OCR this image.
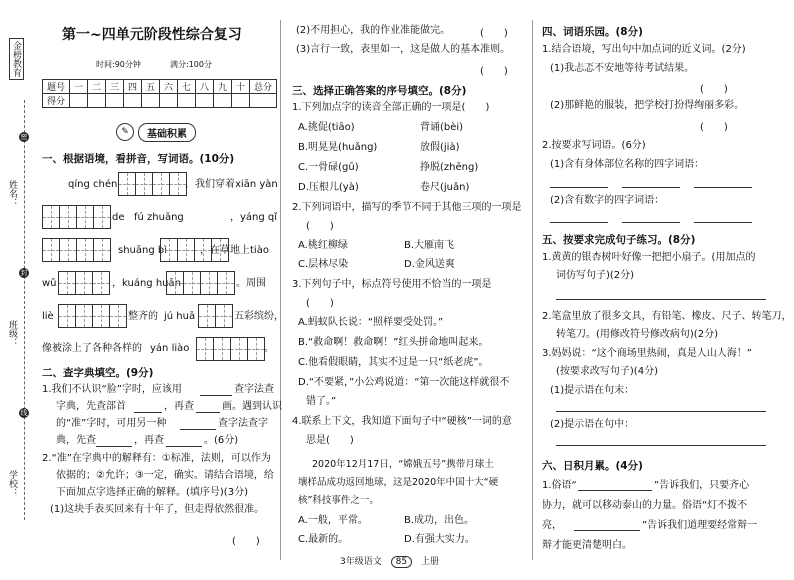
金榜教育
密
封
线
姓名：
班级：
学校：
第一~四单元阶段性综合复习
时间:90分钟	满分:100分
题号	一	二	三	四	五	六	七	八	九	十	总分
得分											
✎	基础积累
一、根据语境，看拼音，写词语。(10分)
qíng chén	，我们穿着 xiān yàn
de fú zhuāng	，yáng qǐ
shuāng bì	，在草地上 tiào
wǔ	，kuáng huān	。周围
liè	整齐的 jú huā	五彩缤纷，
像被涂上了各种各样的 yán liào	。
二、查字典填空。(9分)
1.我们不认识“脸”字时，应该用	查字法查
字典，先查部首	，再查	画。遇到认识
的“准”字时，可用另一种	查字法查字
典，先查	，再查	。(6分)
2.“准”在字典中的解释有：①标准，法则，可以作为
依据的；②允许；③一定，确实。请结合语境，给
下面加点字选择正确的解释。(填序号)(3分)
(1)这块手表买回来有十年了，但走得依然很准。
(　　)
(2)不用担心，我的作业准能做完。	(　　)
(3)言行一致，表里如一，这是做人的基本准则。
(　　)
三、选择正确答案的序号填空。(8分)
1.下列加点字的读音全部正确的一项是(　　)
A.挑促(tiāo)	背诵(bèi)
B.明晃晃(huǎng)	放假(jià)
C.一骨碌(gū)	挣脱(zhēng)
D.压根儿(yà)	卷尺(juǎn)
2.下列词语中，描写的季节不同于其他三项的一项是
(　　)
A.桃红柳绿	B.大雁南飞
C.层林尽染	D.金风送爽
3.下列句子中，标点符号使用不恰当的一项是
(　　)
A.蚂蚁队长说：“照样要受处罚。”
B.“救命啊！救命啊！”红头拼命地叫起来。
C.他看假眼睛，其实不过是一只“纸老虎”。
D.“不要紧，”小公鸡说道：“第一次能这样就很不
错了。”
4.联系上下文，我知道下面句子中“硬核”一词的意
思是(　　)
2020年12月17日，“嫦娥五号”携带月球土
壤样品成功返回地球，这是2020年中国十大“硬
核”科技事件之一。
A.一般，平常。	B.成功，出色。
C.最新的。	D.有强大实力。
四、词语乐园。(8分)
1.结合语境，写出句中加点词的近义词。(2分)
(1)我忐忑不安地等待考试结果。
(　　)
(2)那鲜艳的服装，把学校打扮得绚丽多彩。
(　　)
2.按要求写词语。(6分)
(1)含有身体部位名称的四字词语：
(2)含有数字的四字词语：
五、按要求完成句子练习。(8分)
1.黄黄的银杏树叶好像一把把小扇子。(用加点的
词仿写句子)(2分)
2.笔盒里放了很多文具，有铅笔、橡皮、尺子、转笔刀，
转笔刀。(用修改符号修改病句)(2分)
3.妈妈说：“这个商场里热闹，真是人山人海！”
(按要求改写句子)(4分)
(1)提示语在句末：
(2)提示语在句中：
六、日积月累。(4分)
1.俗语“	”告诉我们，只要齐心
协力，就可以移动泰山的力量。俗语“灯不拨不
亮，	”告诉我们道理要经常辩一
辩才能更清楚明白。
3年级语文 85 上册
